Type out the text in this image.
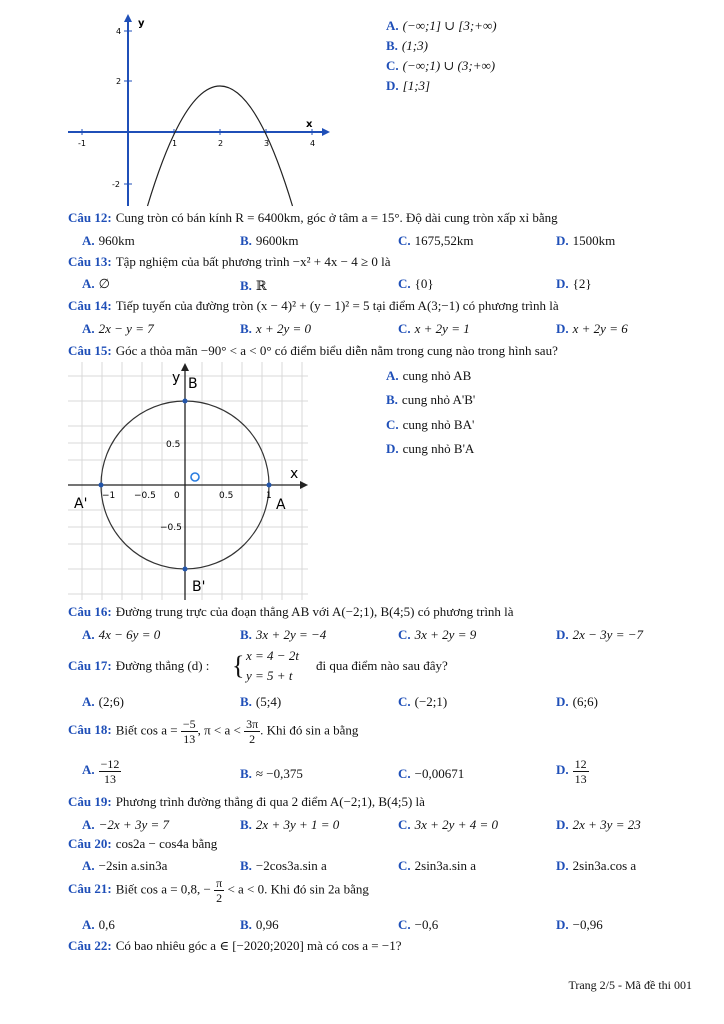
x
y
-1	1	2	3	4
4
2
-2
A. (−∞;1] ∪ [3;+∞)
B. (1;3)
C. (−∞;1) ∪ (3;+∞)
D. [1;3]
Câu 12: Cung tròn có bán kính R = 6400km, góc ở tâm a = 15°. Độ dài cung tròn xấp xỉ bằng
A. 960km	B. 9600km	C. 1675,52km	D. 1500km
Câu 13: Tập nghiệm của bất phương trình −x² + 4x − 4 ≥ 0 là
A. ∅	B. ℝ	C. {0}	D. {2}
Câu 14: Tiếp tuyến của đường tròn (x − 4)² + (y − 1)² = 5 tại điểm A(3;−1) có phương trình là
A. 2x − y = 7	B. x + 2y = 0	C. x + 2y = 1	D. x + 2y = 6
Câu 15: Góc a thỏa mãn −90° < a < 0° có điểm biểu diễn nằm trong cung nào trong hình sau?
y B
x
A
A'
B'
−1 −0.5 0	0.5	1
0.5
−0.5
A. cung nhỏ AB
B. cung nhỏ A'B'
C. cung nhỏ BA'
D. cung nhỏ B'A
Câu 16: Đường trung trực của đoạn thẳng AB với A(−2;1), B(4;5) có phương trình là
A. 4x − 6y = 0	B. 3x + 2y = −4	C. 3x + 2y = 9	D. 2x − 3y = −7
Câu 17: Đường thẳng (d) : { x = 4 − 2t
y = 5 + t
đi qua điểm nào sau đây?
A. (2;6)	B. (5;4)	C. (−2;1)	D. (6;6)
Câu 18: Biết $\cos a = \frac{-5}{13}$ , $\pi < a < \frac{3\pi}{2}$ . Khi đó sin a bằng
A. $\frac{-12}{13}$	B. ≈ −0,375	C. −0,00671	D. $\frac{12}{13}$
Câu 19: Phương trình đường thẳng đi qua 2 điểm A(−2;1), B(4;5) là
A. −2x + 3y = 7	B. 2x + 3y + 1 = 0	C. 3x + 2y + 4 = 0	D. 2x + 3y = 23
Câu 20: cos2a − cos4a bằng
A. −2sin a.sin3a	B. −2cos3a.sin a	C. 2sin3a.sin a	D. 2sin3a.cos a
Câu 21: Biết cos a = 0,8, − $\frac{\pi}{2} < a < 0$. Khi đó sin 2a bằng
A. 0,6	B. 0,96	C. −0,6	D. −0,96
Câu 22: Có bao nhiêu góc a ∈ [−2020;2020] mà có cos a = −1?
Trang 2/5 - Mã đề thi 001
